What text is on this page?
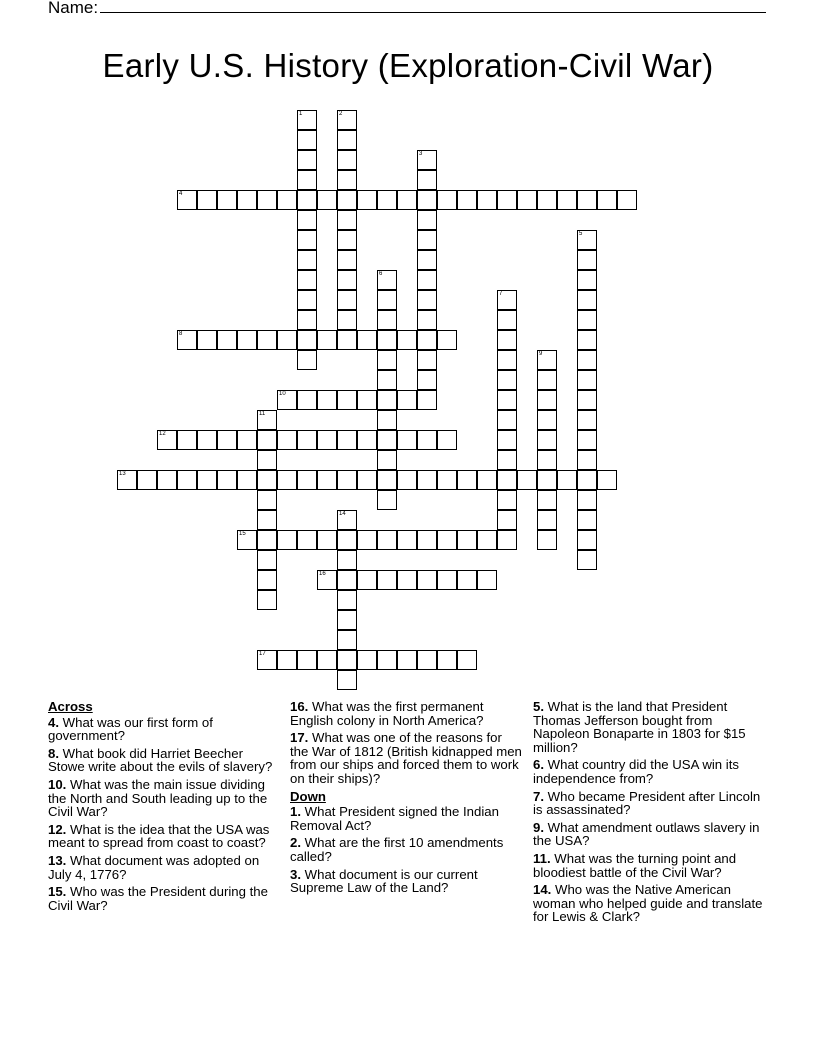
Name:
Early U.S. History (Exploration-Civil War)
1	2
3
4
5
6
7
8
9
10
11
12
13
14
15
16
17
Across
4. What was our first form of government?
8. What book did Harriet Beecher Stowe write about the evils of slavery?
10. What was the main issue dividing the North and South leading up to the Civil War?
12. What is the idea that the USA was meant to spread from coast to coast?
13. What document was adopted on July 4, 1776?
15. Who was the President during the Civil War?
16. What was the first permanent English colony in North America?
17. What was one of the reasons for the War of 1812 (British kidnapped men from our ships and forced them to work on their ships)?
Down
1. What President signed the Indian Removal Act?
2. What are the first 10 amendments called?
3. What document is our current Supreme Law of the Land?
5. What is the land that President Thomas Jefferson bought from Napoleon Bonaparte in 1803 for $15 million?
6. What country did the USA win its independence from?
7. Who became President after Lincoln is assassinated?
9. What amendment outlaws slavery in the USA?
11. What was the turning point and bloodiest battle of the Civil War?
14. Who was the Native American woman who helped guide and translate for Lewis & Clark?
